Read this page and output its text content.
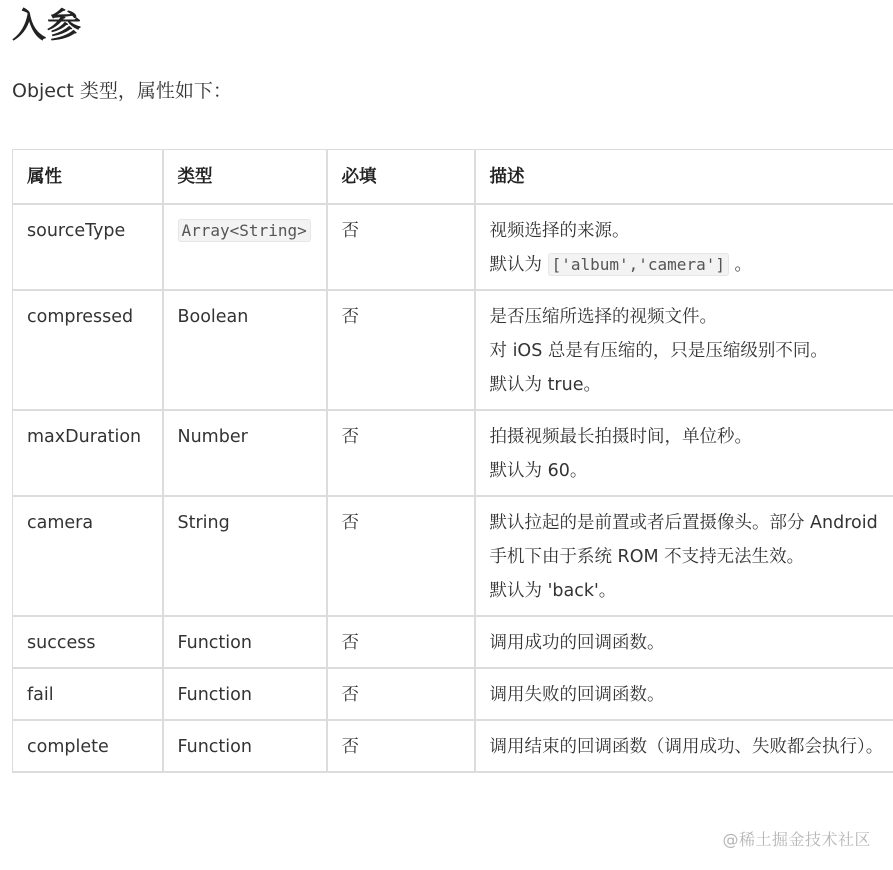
入参

Object 类型，属性如下：

属性	类型	必填	描述
sourceType	Array<String>	否	视频选择的来源。
默认为 ['album','camera'] 。

compressed	Boolean	否	是否压缩所选择的视频文件。
对 iOS 总是有压缩的，只是压缩级别不同。
默认为 true。

maxDuration	Number	否	拍摄视频最长拍摄时间，单位秒。
默认为 60。

camera	String	否	默认拉起的是前置或者后置摄像头。部分 Android 手机下由于系统 ROM 不支持无法生效。
默认为 'back'。

success	Function	否	调用成功的回调函数。

fail	Function	否	调用失败的回调函数。

complete	Function	否	调用结束的回调函数（调用成功、失败都会执行）。
@稀土掘金技术社区
